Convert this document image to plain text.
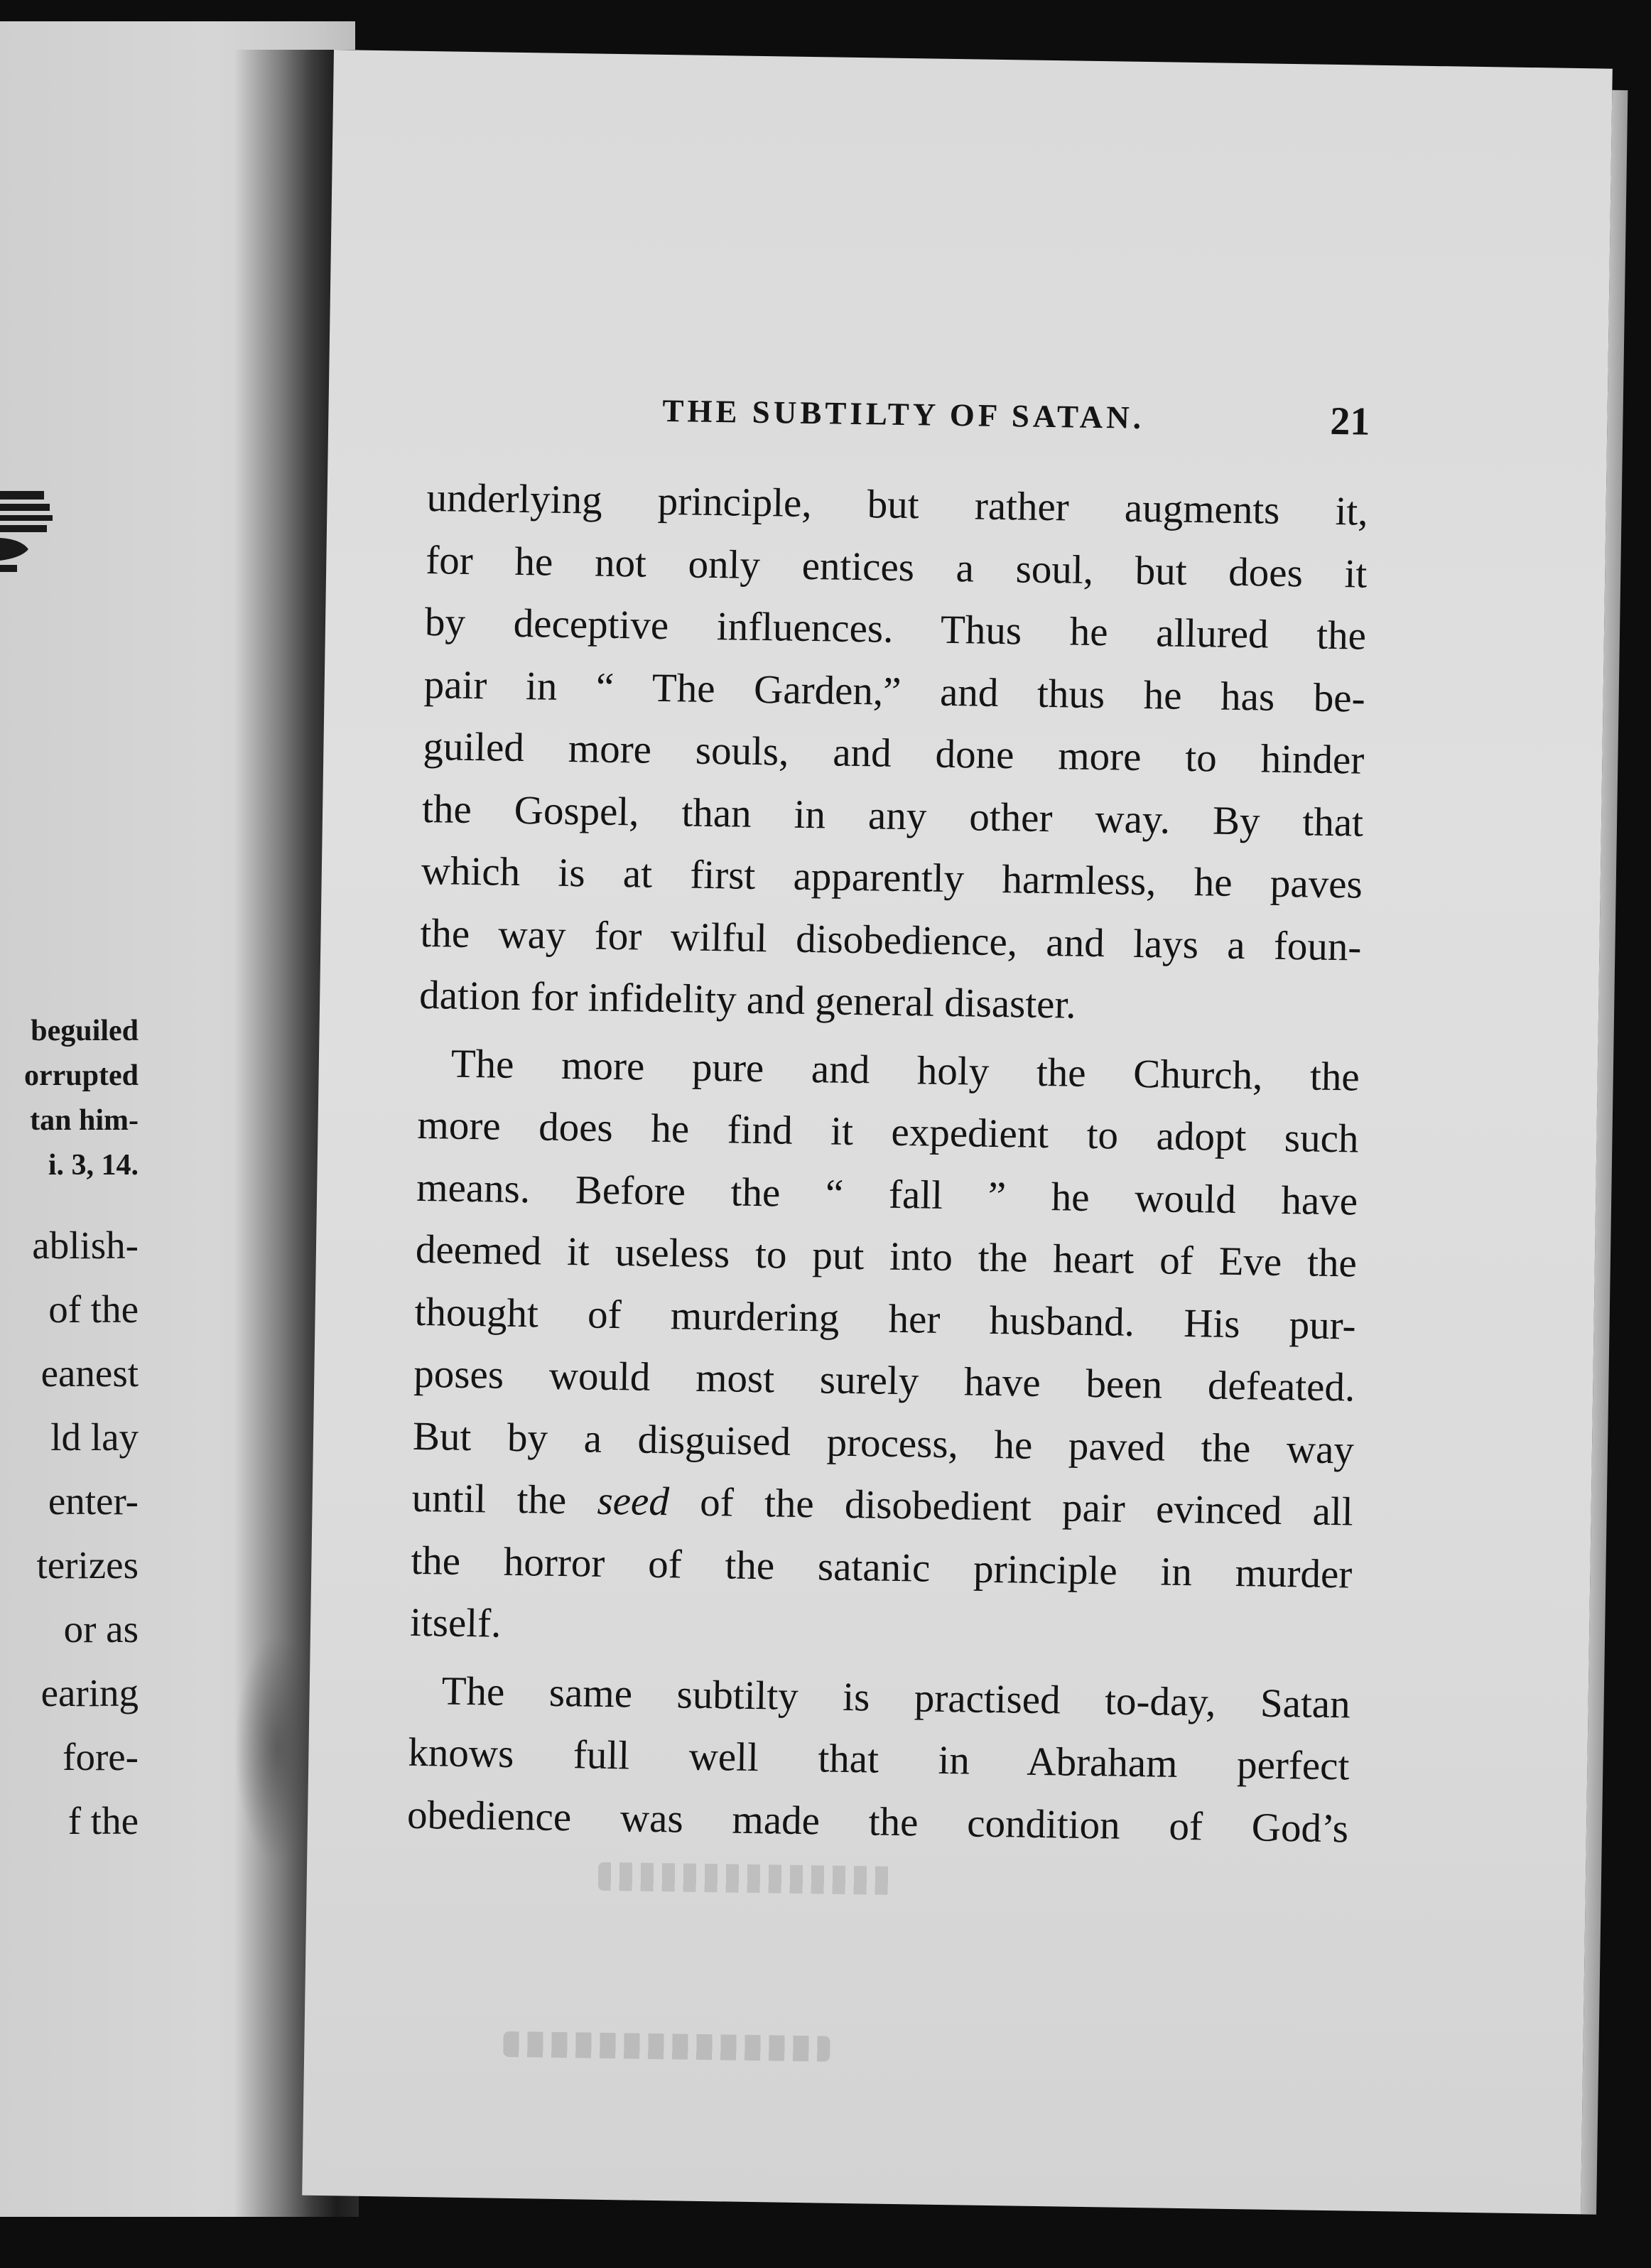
beguiled
orrupted
tan him-
i. 3, 14.
ablish-
of the
eanest
ld lay
enter-
terizes
or as
earing
fore-
f the
THE SUBTILTY OF SATAN.	21
underlying principle, but rather augments it,
for he not only entices a soul, but does it
by deceptive influences. Thus he allured the
pair in “ The Garden,” and thus he has be-
guiled more souls, and done more to hinder
the Gospel, than in any other way. By that
which is at first apparently harmless, he paves
the way for wilful disobedience, and lays a foun-
dation for infidelity and general disaster.
The more pure and holy the Church, the
more does he find it expedient to adopt such
means. Before the “ fall ” he would have
deemed it useless to put into the heart of Eve the
thought of murdering her husband. His pur-
poses would most surely have been defeated.
But by a disguised process, he paved the way
until the seed of the disobedient pair evinced all
the horror of the satanic principle in murder
itself.
The same subtilty is practised to-day, Satan
knows full well that in Abraham perfect
obedience was made the condition of God’s
